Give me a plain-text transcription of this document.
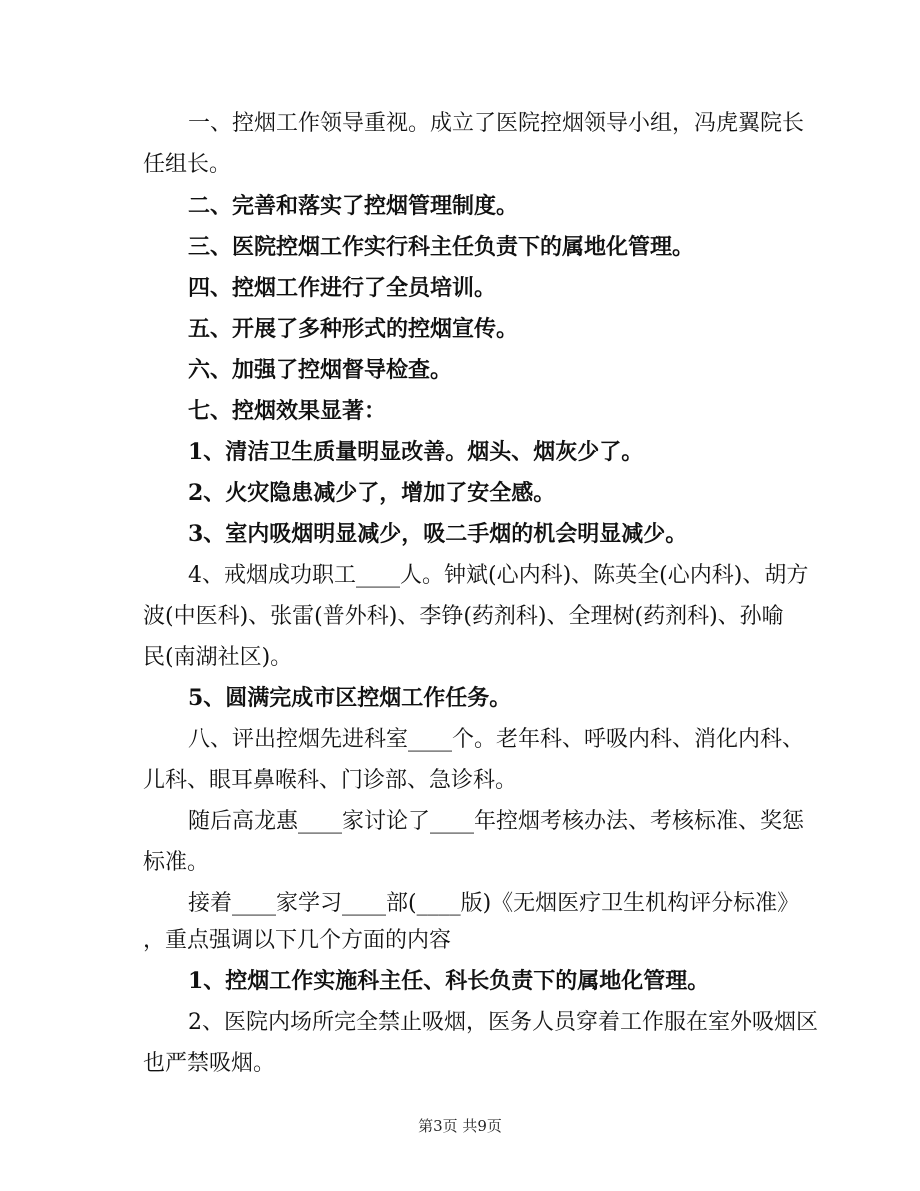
一、控烟工作领导重视。成立了医院控烟领导小组，冯虎翼院长
任组长。
二、完善和落实了控烟管理制度。
三、医院控烟工作实行科主任负责下的属地化管理。
四、控烟工作进行了全员培训。
五、开展了多种形式的控烟宣传。
六、加强了控烟督导检查。
七、控烟效果显著：
1、清洁卫生质量明显改善。烟头、烟灰少了。
2、火灾隐患减少了，增加了安全感。
3、室内吸烟明显减少，吸二手烟的机会明显减少。
4、戒烟成功职工____人。钟斌(心内科)、陈英全(心内科)、胡方
波(中医科)、张雷(普外科)、李铮(药剂科)、全理树(药剂科)、孙喻
民(南湖社区)。
5、圆满完成市区控烟工作任务。
八、评出控烟先进科室____个。老年科、呼吸内科、消化内科、
儿科、眼耳鼻喉科、门诊部、急诊科。
随后高龙惠____家讨论了____年控烟考核办法、考核标准、奖惩
标准。
接着____家学习____部(____版)《无烟医疗卫生机构评分标准》
，重点强调以下几个方面的内容
1、控烟工作实施科主任、科长负责下的属地化管理。
2、医院内场所完全禁止吸烟，医务人员穿着工作服在室外吸烟区
也严禁吸烟。
第3页 共9页
